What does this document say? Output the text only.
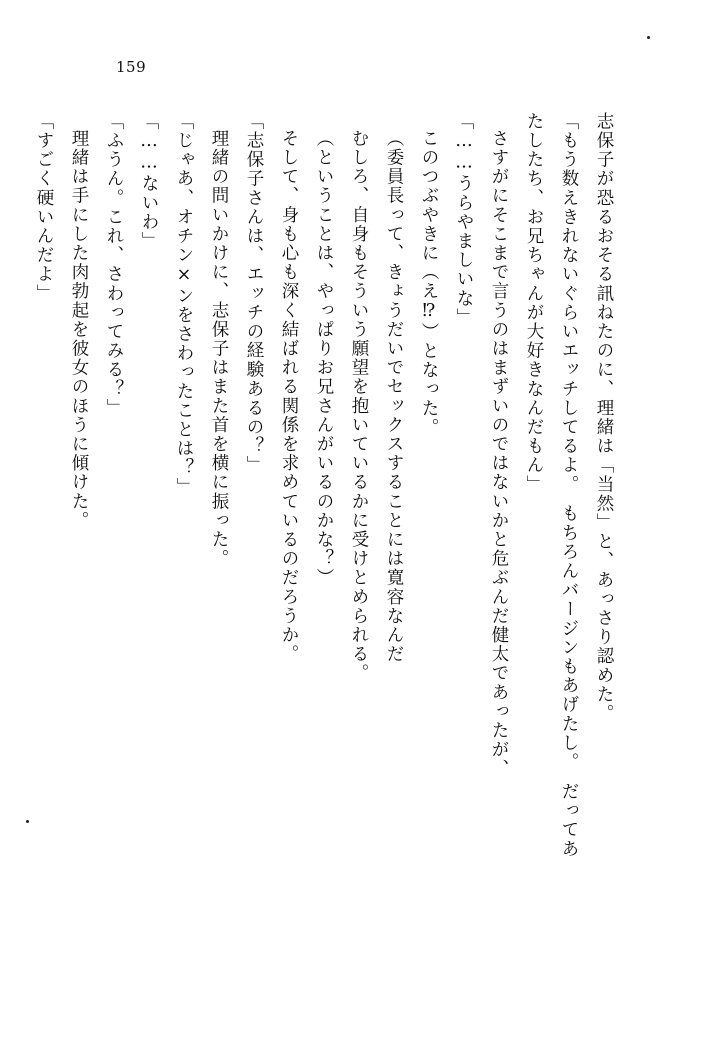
159

志保子が恐るおそる訊ねたのに、理緒は「当然」と、あっさり認めた。

「もう数えきれないぐらいエッチしてるよ。　もちろんバージンもあげたし。　だってあ

たしたち、お兄ちゃんが大好きなんだもん」

さすがにそこまで言うのはまずいのではないかと危ぶんだ健太であったが、

「……うらやましいな」

このつぶやきに（え⁉）となった。

（委員長って、きょうだいでセックスすることには寛容なんだ

むしろ、自身もそういう願望を抱いているかに受けとめられる。

（ということは、やっぱりお兄さんがいるのかな？）

そして、身も心も深く結ばれる関係を求めているのだろうか。

「志保子さんは、エッチの経験あるの？」

理緒の問いかけに、志保子はまた首を横に振った。

「じゃあ、オチン×ンをさわったことは？」

「……ないわ」

「ふうん。これ、さわってみる？」

理緒は手にした肉勃起を彼女のほうに傾けた。

「すごく硬いんだよ」
